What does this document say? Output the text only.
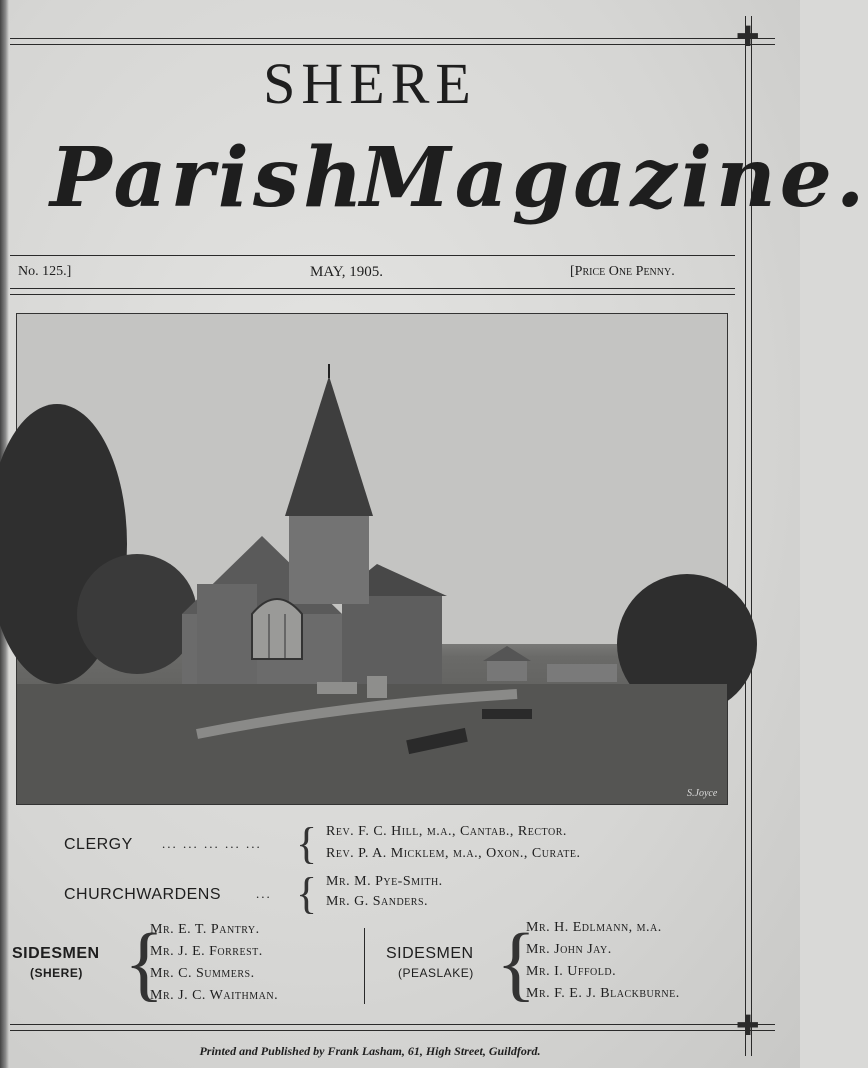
✚
✚
SHERE
Parish
Magazine.
No. 125.]	MAY, 1905.	[Price One Penny.
S.Joyce
CLERGY ... ... ... ... ... { Rev. F. C. Hill, m.a., Cantab., Rector.
Rev. P. A. Micklem, m.a., Oxon., Curate.
CHURCHWARDENS	... { Mr. M. Pye-Smith.
Mr. G. Sanders.
SIDESMEN
(SHERE) {
Mr. E. T. Pantry.
Mr. J. E. Forrest.
Mr. C. Summers.
Mr. J. C. Waithman.
SIDESMEN
(PEASLAKE) {
Mr. H. Edlmann, m.a.
Mr. John Jay.
Mr. I. Uffold.
Mr. F. E. J. Blackburne.
Printed and Published by Frank Lasham, 61, High Street, Guildford.
